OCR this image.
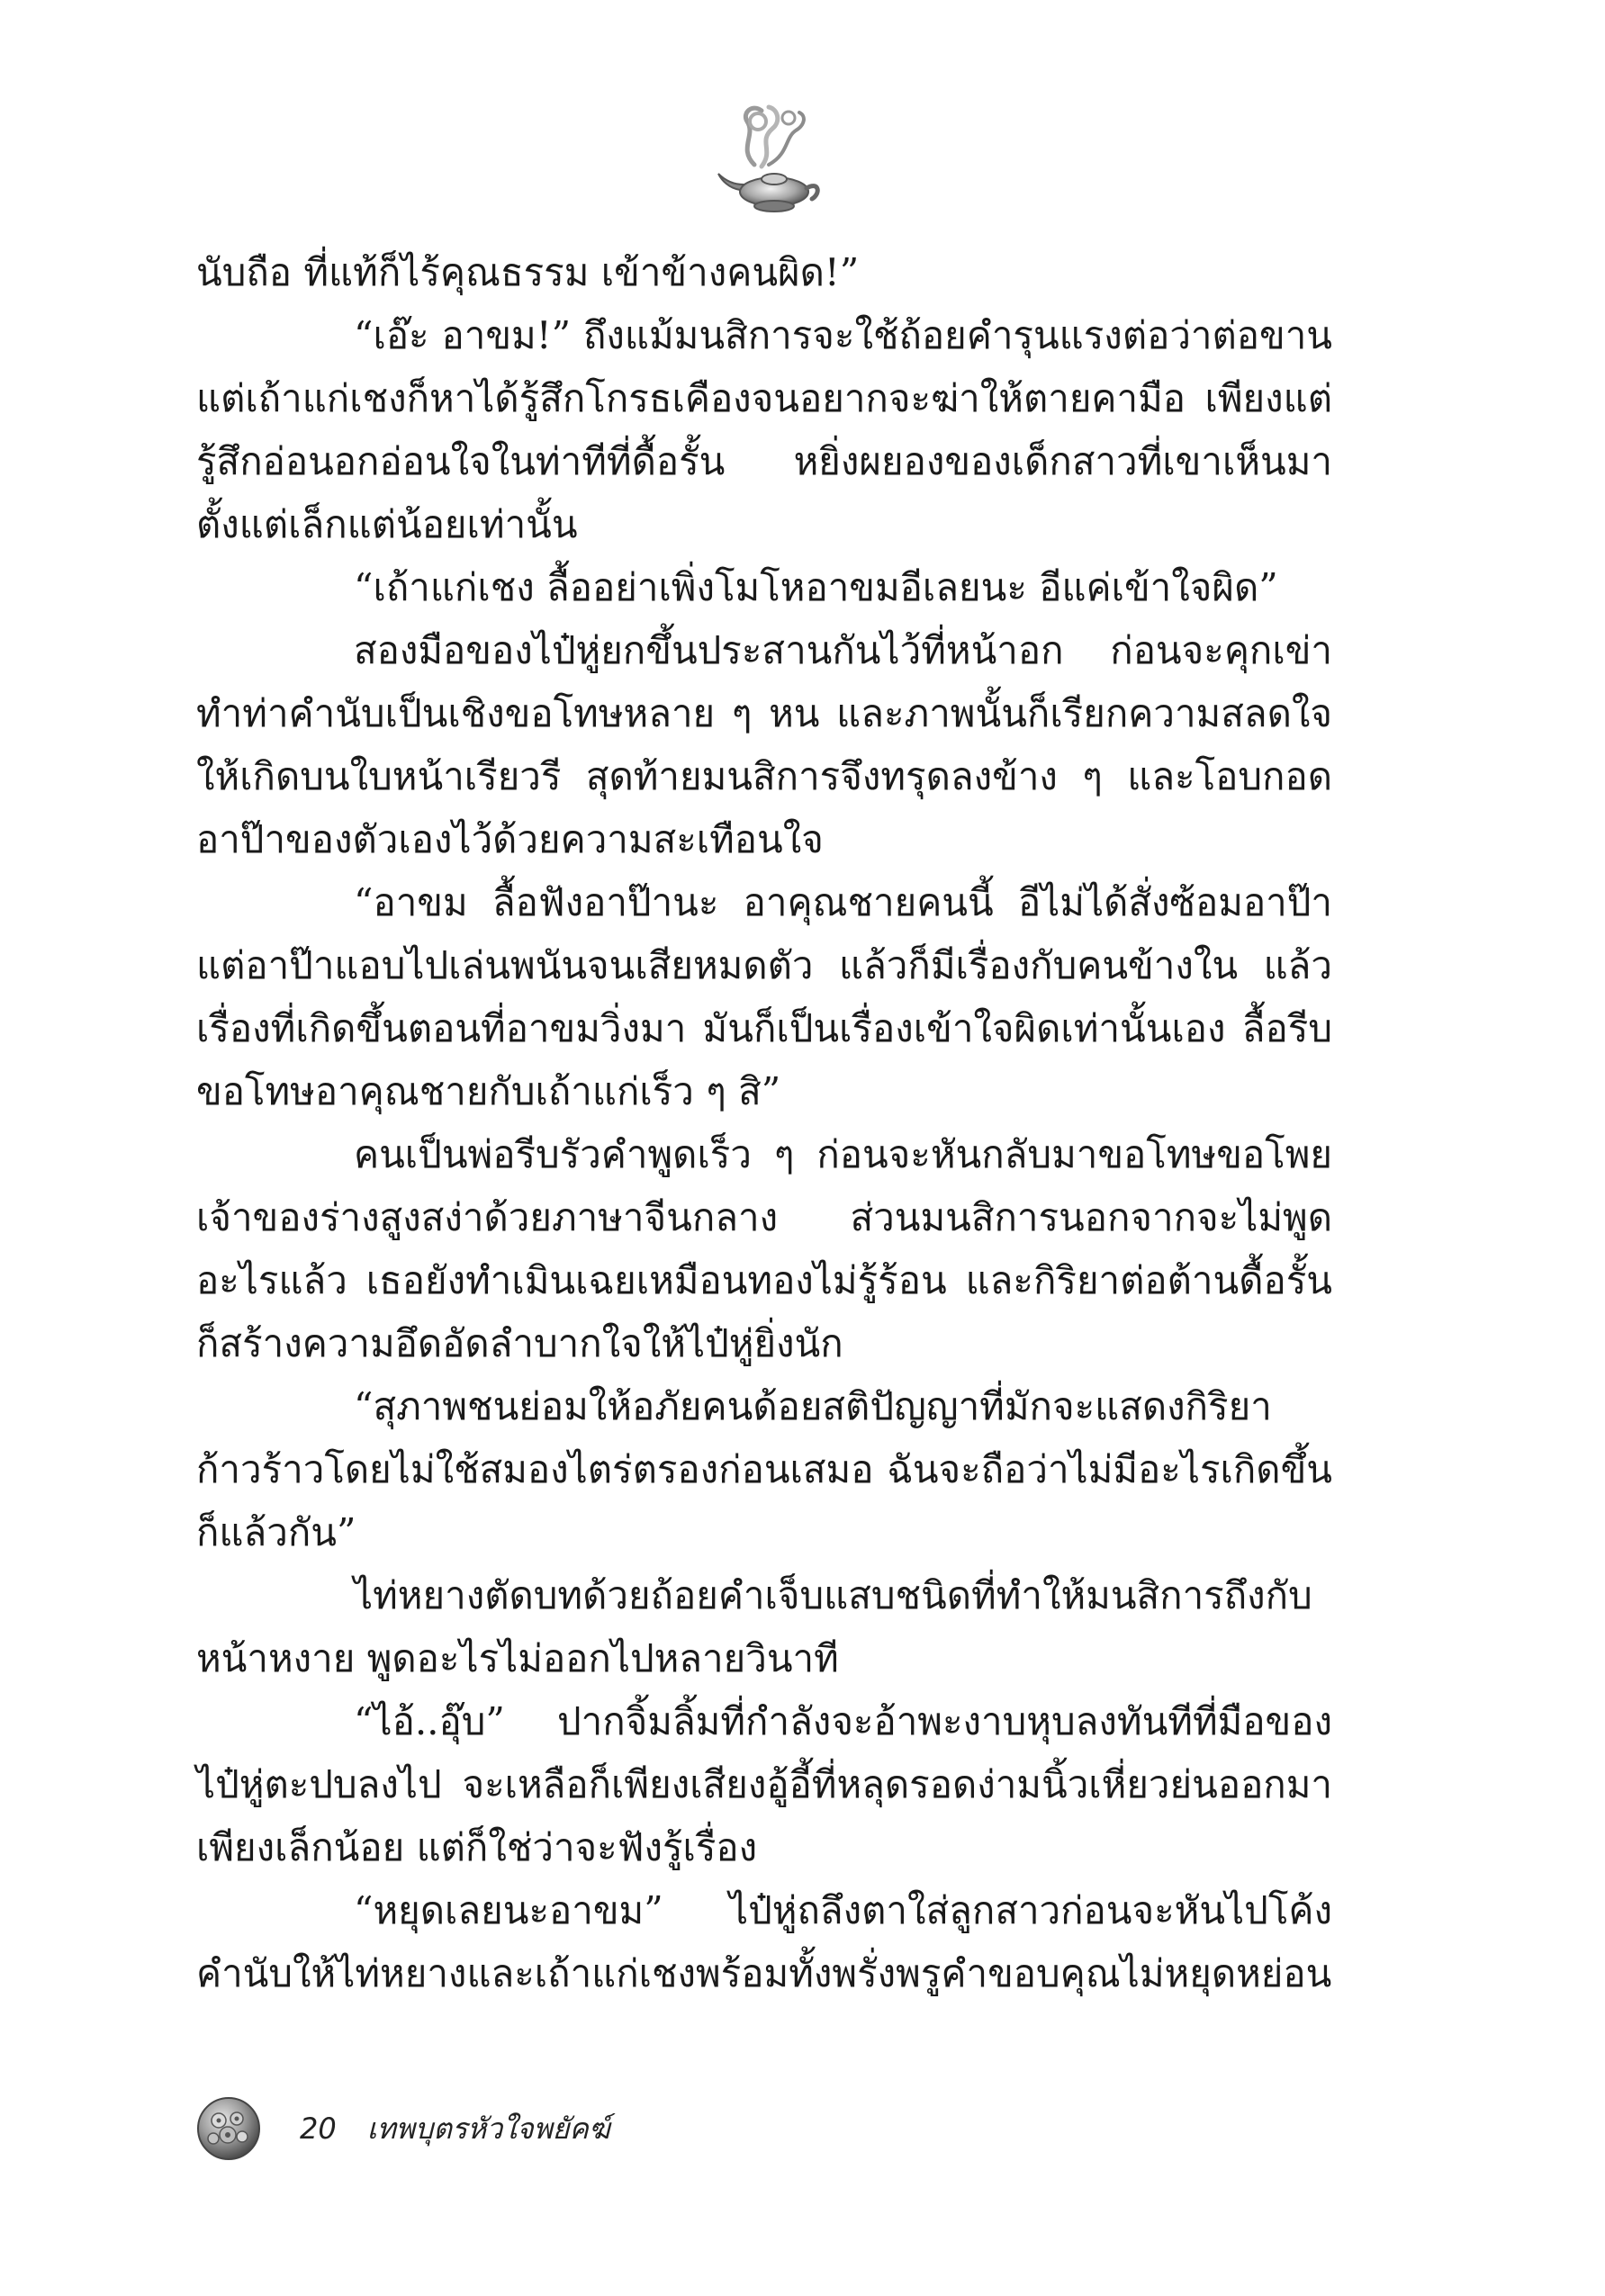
นับถือ ที่แท้ก็ไร้คุณธรรม เข้าข้างคนผิด!”

“เอ๊ะ อาขม!” ถึงแม้มนสิการจะใช้ถ้อยคำรุนแรงต่อว่าต่อขาน แต่เถ้าแก่เชงก็หาได้รู้สึกโกรธเคืองจนอยากจะฆ่าให้ตายคามือ เพียงแต่รู้สึกอ่อนอกอ่อนใจในท่าทีที่ดื้อรั้น หยิ่งผยองของเด็กสาวที่เขาเห็นมาตั้งแต่เล็กแต่น้อยเท่านั้น

“เถ้าแก่เชง ลื้ออย่าเพิ่งโมโหอาขมอีเลยนะ อีแค่เข้าใจผิด”

สองมือของไป๋หู่ยกขึ้นประสานกันไว้ที่หน้าอก ก่อนจะคุกเข่าทำท่าคำนับเป็นเชิงขอโทษหลาย ๆ หน และภาพนั้นก็เรียกความสลดใจให้เกิดบนใบหน้าเรียวรี สุดท้ายมนสิการจึงทรุดลงข้าง ๆ และโอบกอดอาป๊าของตัวเองไว้ด้วยความสะเทือนใจ

“อาขม ลื้อฟังอาป๊านะ อาคุณชายคนนี้ อีไม่ได้สั่งซ้อมอาป๊า แต่อาป๊าแอบไปเล่นพนันจนเสียหมดตัว แล้วก็มีเรื่องกับคนข้างใน แล้วเรื่องที่เกิดขึ้นตอนที่อาขมวิ่งมา มันก็เป็นเรื่องเข้าใจผิดเท่านั้นเอง ลื้อรีบขอโทษอาคุณชายกับเถ้าแก่เร็ว ๆ สิ”

คนเป็นพ่อรีบรัวคำพูดเร็ว ๆ ก่อนจะหันกลับมาขอโทษขอโพยเจ้าของร่างสูงสง่าด้วยภาษาจีนกลาง ส่วนมนสิการนอกจากจะไม่พูดอะไรแล้ว เธอยังทำเมินเฉยเหมือนทองไม่รู้ร้อน และกิริยาต่อต้านดื้อรั้นก็สร้างความอึดอัดลำบากใจให้ไป๋หู่ยิ่งนัก

“สุภาพชนย่อมให้อภัยคนด้อยสติปัญญาที่มักจะแสดงกิริยาก้าวร้าวโดยไม่ใช้สมองไตร่ตรองก่อนเสมอ ฉันจะถือว่าไม่มีอะไรเกิดขึ้นก็แล้วกัน”

ไท่หยางตัดบทด้วยถ้อยคำเจ็บแสบชนิดที่ทำให้มนสิการถึงกับหน้าหงาย พูดอะไรไม่ออกไปหลายวินาที

“ไอ้..อุ๊บ” ปากจิ้มลิ้มที่กำลังจะอ้าพะงาบหุบลงทันทีที่มือของไป๋หู่ตะปบลงไป จะเหลือก็เพียงเสียงอู้อี้ที่หลุดรอดง่ามนิ้วเหี่ยวย่นออกมาเพียงเล็กน้อย แต่ก็ใช่ว่าจะฟังรู้เรื่อง

“หยุดเลยนะอาขม” ไป๋หู่ถลึงตาใส่ลูกสาวก่อนจะหันไปโค้งคำนับให้ไท่หยางและเถ้าแก่เชงพร้อมทั้งพรั่งพรูคำขอบคุณไม่หยุดหย่อน

20 เทพบุตรหัวใจพยัคฆ์
